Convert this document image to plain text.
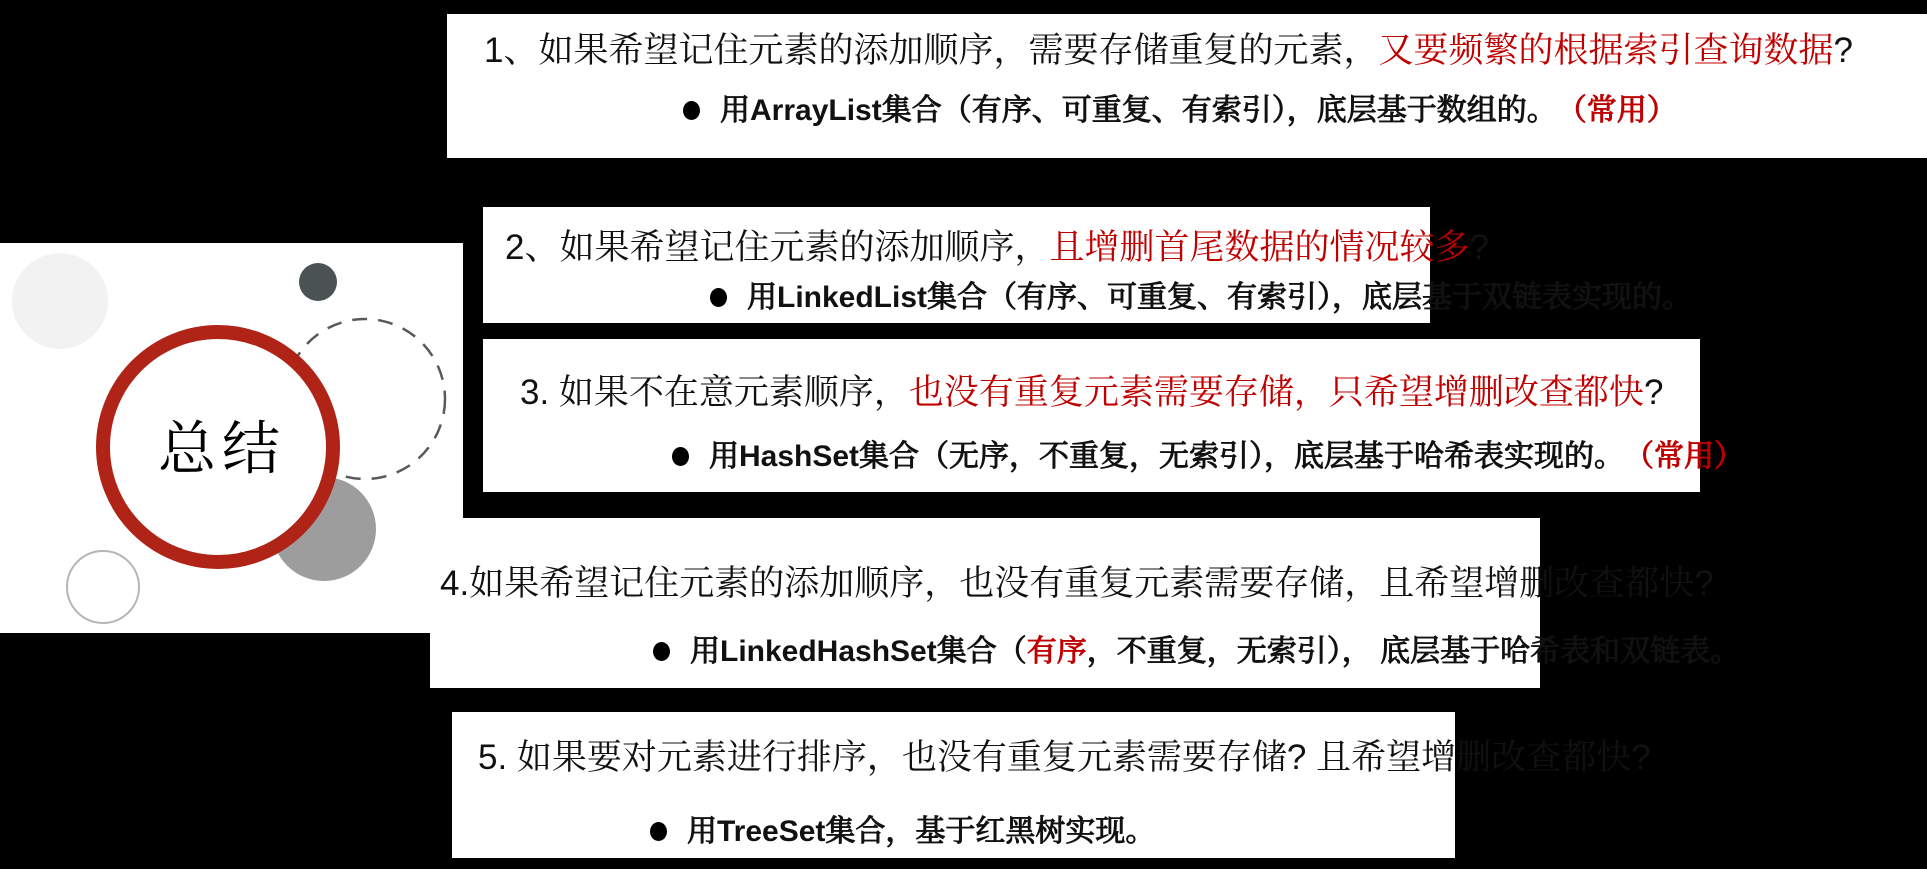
总结

1、如果希望记住元素的添加顺序，需要存储重复的元素，又要频繁的根据索引查询数据?

用ArrayList集合（有序、可重复、有索引），底层基于数组的。　（常用）

2、如果希望记住元素的添加顺序，且增删首尾数据的情况较多?

用LinkedList集合（有序、可重复、有索引），底层基于双链表实现的。

3. 如果不在意元素顺序，也没有重复元素需要存储，只希望增删改查都快?

用HashSet集合（无序，不重复，无索引），底层基于哈希表实现的。　（常用）

4.如果希望记住元素的添加顺序，也没有重复元素需要存储，且希望增删改查都快?

用LinkedHashSet集合（有序，不重复，无索引）， 底层基于哈希表和双链表。

5. 如果要对元素进行排序，也没有重复元素需要存储? 且希望增删改查都快?

用TreeSet集合，基于红黑树实现。
